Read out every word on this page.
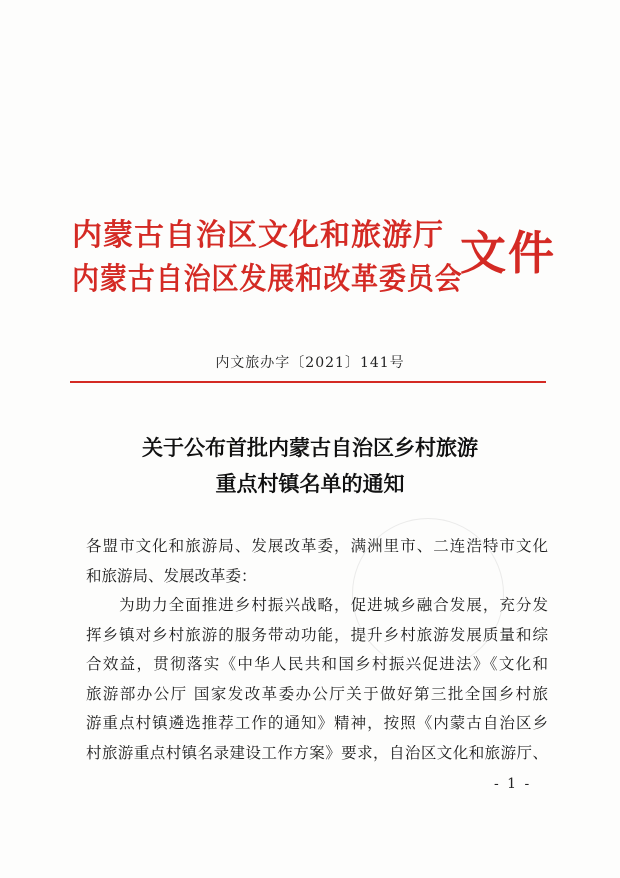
内蒙古自治区文化和旅游厅
内蒙古自治区发展和改革委员会
文件
内文旅办字〔2021〕141号
关于公布首批内蒙古自治区乡村旅游
重点村镇名单的通知
各盟市文化和旅游局、发展改革委，满洲里市、二连浩特市文化
和旅游局、发展改革委：
　　为助力全面推进乡村振兴战略，促进城乡融合发展，充分发
挥乡镇对乡村旅游的服务带动功能，提升乡村旅游发展质量和综
合效益，贯彻落实《中华人民共和国乡村振兴促进法》《文化和
旅游部办公厅 国家发改革委办公厅关于做好第三批全国乡村旅
游重点村镇遴选推荐工作的通知》精神，按照《内蒙古自治区乡
村旅游重点村镇名录建设工作方案》要求，自治区文化和旅游厅、
- 1 -
